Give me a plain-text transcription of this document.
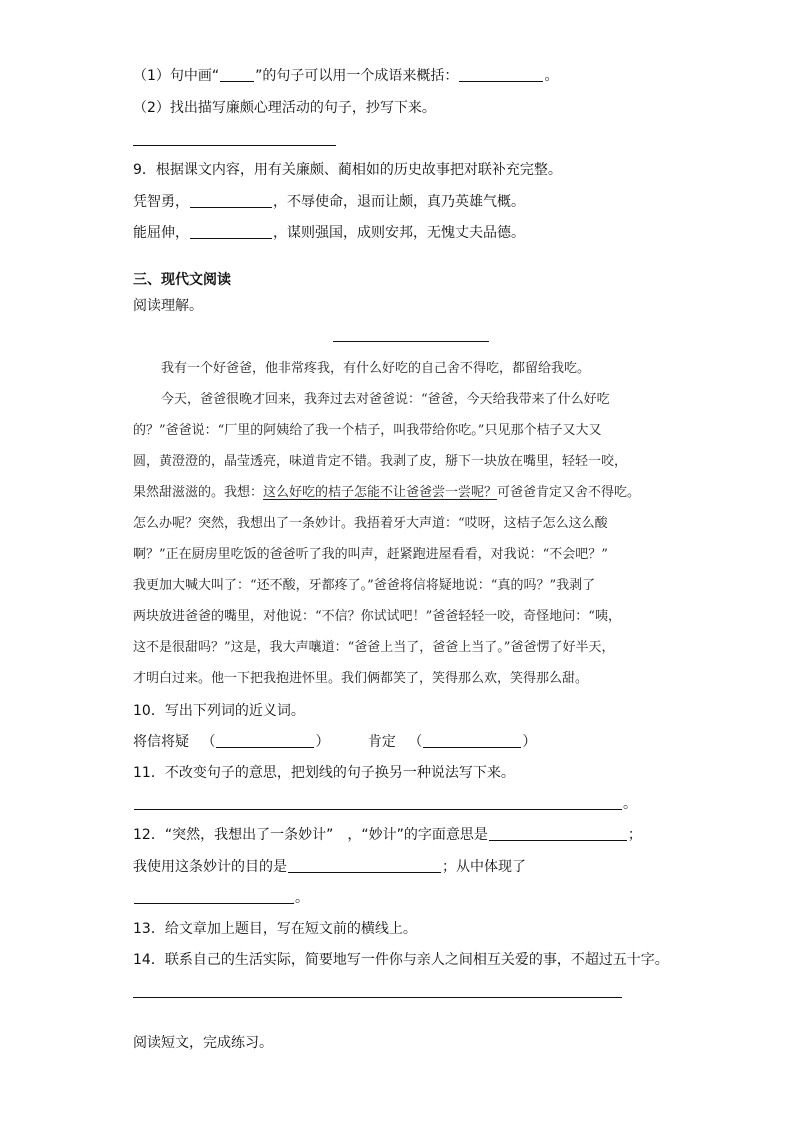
（1）句中画“	”的句子可以用一个成语来概括：	。
（2）找出描写廉颇心理活动的句子，抄写下来。
9．根据课文内容，用有关廉颇、蔺相如的历史故事把对联补充完整。
凭智勇，	，不辱使命，退而让颇，真乃英雄气概。
能屈伸，	，谋则强国，成则安邦，无愧丈夫品德。
三、现代文阅读
阅读理解。
我有一个好爸爸，他非常疼我，有什么好吃的自己舍不得吃，都留给我吃。
今天，爸爸很晚才回来，我奔过去对爸爸说：“爸爸，今天给我带来了什么好吃
的？”爸爸说：“厂里的阿姨给了我一个桔子，叫我带给你吃。”只见那个桔子又大又
圆，黄澄澄的，晶莹透亮，味道肯定不错。我剥了皮，掰下一块放在嘴里，轻轻一咬，
果然甜滋滋的。我想：这么好吃的桔子怎能不让爸爸尝一尝呢？可爸爸肯定又舍不得吃。
怎么办呢？突然，我想出了一条妙计。我捂着牙大声道：“哎呀，这桔子怎么这么酸
啊？”正在厨房里吃饭的爸爸听了我的叫声，赶紧跑进屋看看，对我说：“不会吧？”
我更加大喊大叫了：“还不酸，牙都疼了。”爸爸将信将疑地说：“真的吗？”我剥了
两块放进爸爸的嘴里，对他说：“不信？你试试吧！”爸爸轻轻一咬，奇怪地问：“咦，
这不是很甜吗？”这是，我大声嚷道：“爸爸上当了，爸爸上当了。”爸爸愣了好半天，
才明白过来。他一下把我抱进怀里。我们俩都笑了，笑得那么欢，笑得那么甜。
10．写出下列词的近义词。
将信将疑 （	）	肯定 （	）
11．不改变句子的意思，把划线的句子换另一种说法写下来。
。
12．“突然，我想出了一条妙计”　，“妙计”的字面意思是	；
我使用这条妙计的目的是	；从中体现了
。
13．给文章加上题目，写在短文前的横线上。
14．联系自己的生活实际，简要地写一件你与亲人之间相互关爱的事，不超过五十字。
阅读短文，完成练习。
